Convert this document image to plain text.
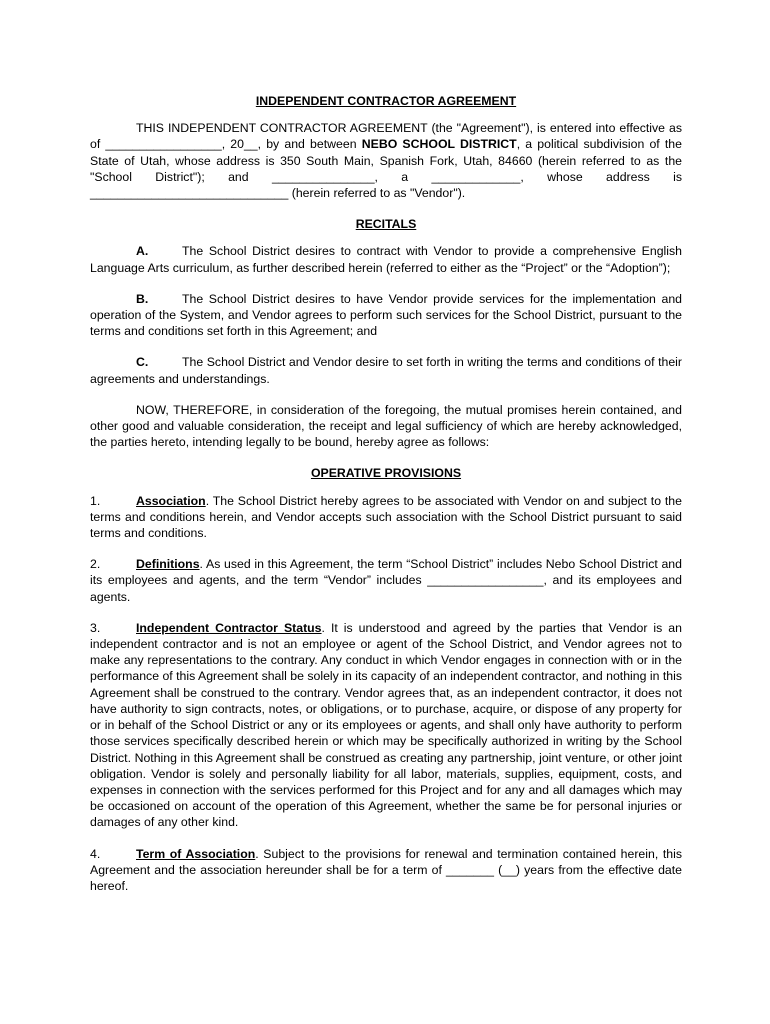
INDEPENDENT CONTRACTOR AGREEMENT

THIS INDEPENDENT CONTRACTOR AGREEMENT (the "Agreement"), is entered into effective as of _________________, 20__, by and between NEBO SCHOOL DISTRICT, a political subdivision of the State of Utah, whose address is 350 South Main, Spanish Fork, Utah, 84660 (herein referred to as the "School District"); and _______________, a _____________, whose address is _____________________________ (herein referred to as "Vendor").

RECITALS

A.	The School District desires to contract with Vendor to provide a comprehensive English Language Arts curriculum, as further described herein (referred to either as the “Project” or the “Adoption”);

B.	The School District desires to have Vendor provide services for the implementation and operation of the System, and Vendor agrees to perform such services for the School District, pursuant to the terms and conditions set forth in this Agreement; and

C.	The School District and Vendor desire to set forth in writing the terms and conditions of their agreements and understandings.

NOW, THEREFORE, in consideration of the foregoing, the mutual promises herein contained, and other good and valuable consideration, the receipt and legal sufficiency of which are hereby acknowledged, the parties hereto, intending legally to be bound, hereby agree as follows:

OPERATIVE PROVISIONS

1.	Association. The School District hereby agrees to be associated with Vendor on and subject to the terms and conditions herein, and Vendor accepts such association with the School District pursuant to said terms and conditions.

2.	Definitions. As used in this Agreement, the term “School District” includes Nebo School District and its employees and agents, and the term “Vendor” includes _________________, and its employees and agents.

3.	Independent Contractor Status. It is understood and agreed by the parties that Vendor is an independent contractor and is not an employee or agent of the School District, and Vendor agrees not to make any representations to the contrary. Any conduct in which Vendor engages in connection with or in the performance of this Agreement shall be solely in its capacity of an independent contractor, and nothing in this Agreement shall be construed to the contrary. Vendor agrees that, as an independent contractor, it does not have authority to sign contracts, notes, or obligations, or to purchase, acquire, or dispose of any property for or in behalf of the School District or any or its employees or agents, and shall only have authority to perform those services specifically described herein or which may be specifically authorized in writing by the School District. Nothing in this Agreement shall be construed as creating any partnership, joint venture, or other joint obligation. Vendor is solely and personally liability for all labor, materials, supplies, equipment, costs, and expenses in connection with the services performed for this Project and for any and all damages which may be occasioned on account of the operation of this Agreement, whether the same be for personal injuries or damages of any other kind.

4.	Term of Association. Subject to the provisions for renewal and termination contained herein, this Agreement and the association hereunder shall be for a term of _______ (__) years from the effective date hereof.
